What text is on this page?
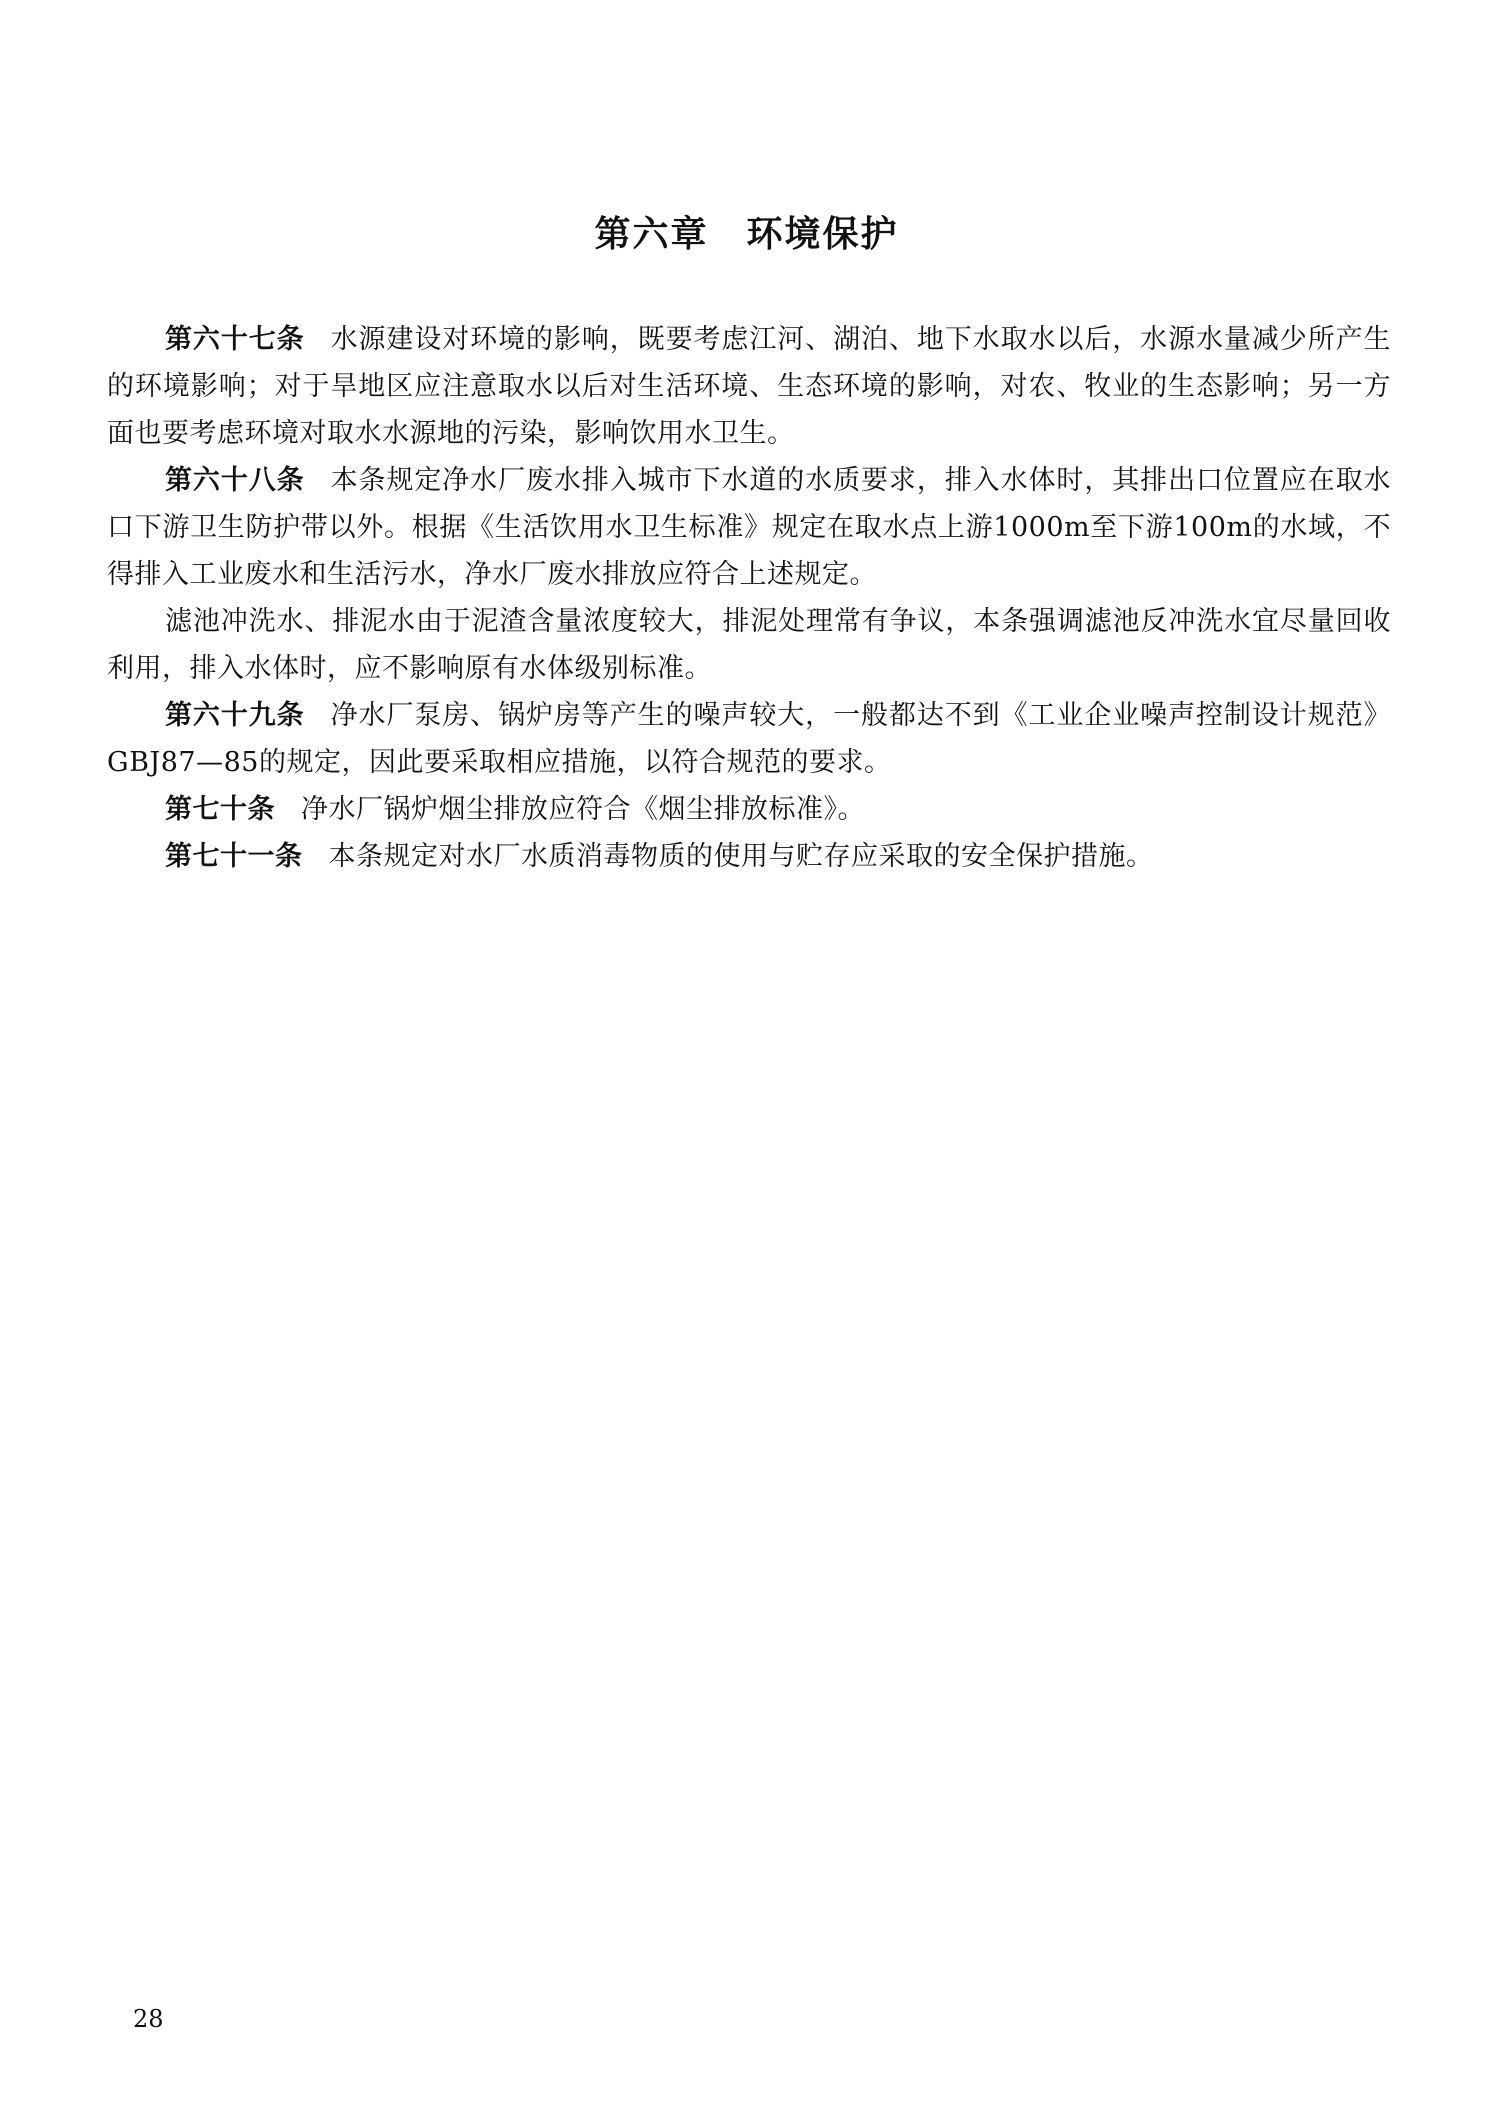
第六章 环境保护

第六十七条 水源建设对环境的影响，既要考虑江河、湖泊、地下水取水以后，水源水量减少所产生的环境影响；对于旱地区应注意取水以后对生活环境、生态环境的影响，对农、牧业的生态影响；另一方面也要考虑环境对取水水源地的污染，影响饮用水卫生。

第六十八条 本条规定净水厂废水排入城市下水道的水质要求，排入水体时，其排出口位置应在取水口下游卫生防护带以外。根据《生活饮用水卫生标准》规定在取水点上游1000m至下游100m的水域，不得排入工业废水和生活污水，净水厂废水排放应符合上述规定。

滤池冲洗水、排泥水由于泥渣含量浓度较大，排泥处理常有争议，本条强调滤池反冲洗水宜尽量回收利用，排入水体时，应不影响原有水体级别标准。

第六十九条 净水厂泵房、锅炉房等产生的噪声较大，一般都达不到《工业企业噪声控制设计规范》GBJ87—85的规定，因此要采取相应措施，以符合规范的要求。

第七十条 净水厂锅炉烟尘排放应符合《烟尘排放标准》。

第七十一条 本条规定对水厂水质消毒物质的使用与贮存应采取的安全保护措施。

28
